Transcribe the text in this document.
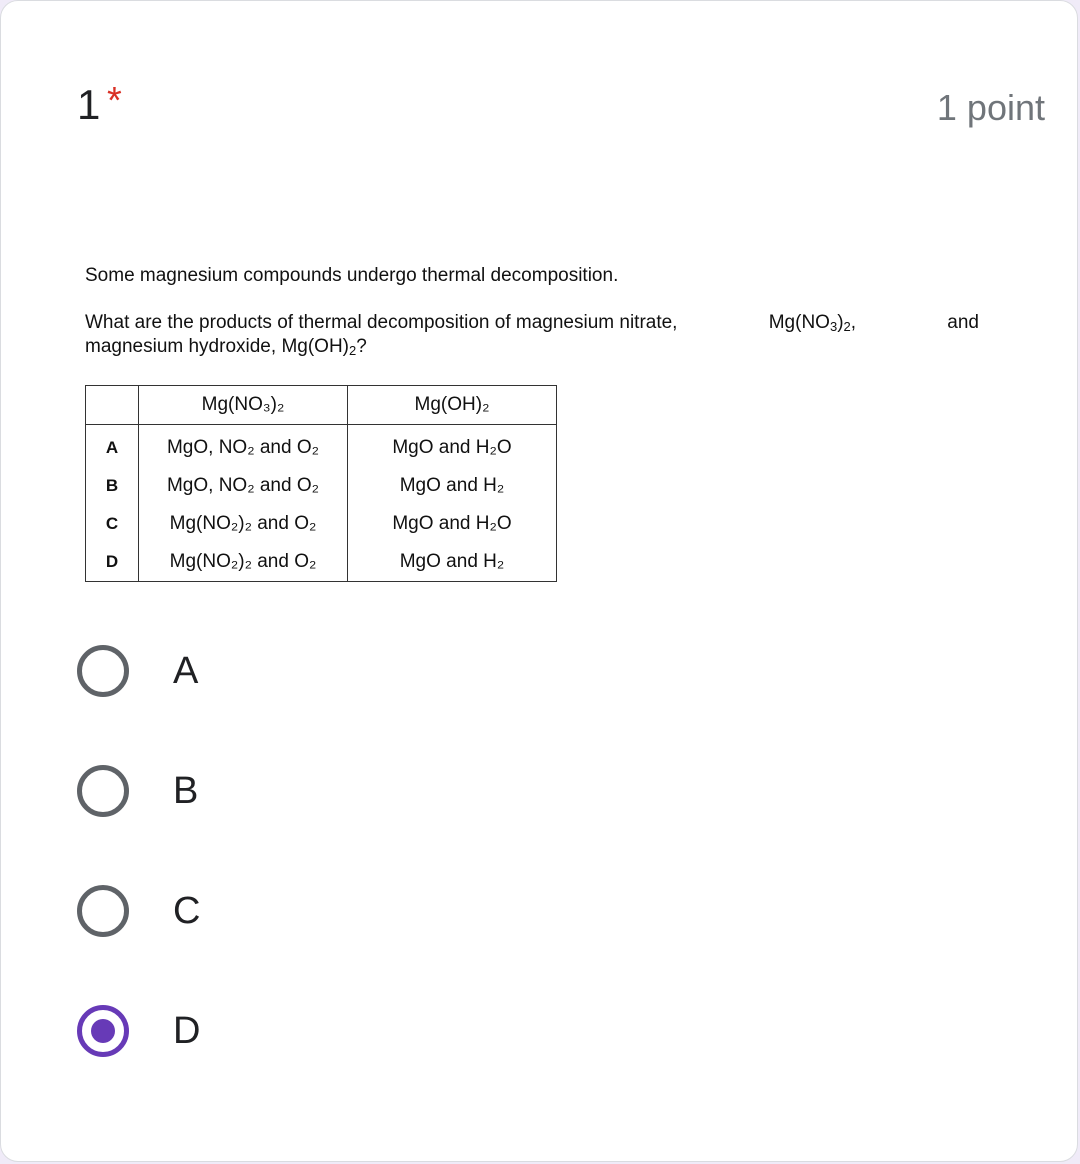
1 *	1 point

Some magnesium compounds undergo thermal decomposition.

What are the products of thermal decomposition of magnesium nitrate,	$Mg(NO_3)_2$,	and
magnesium hydroxide, $Mg(OH)_2$?
	Mg(NO₃)₂	Mg(OH)₂
A	MgO, NO₂ and O₂	MgO and H₂O
B	MgO, NO₂ and O₂	MgO and H₂
C	Mg(NO₂)₂ and O₂	MgO and H₂O
D	Mg(NO₂)₂ and O₂	MgO and H₂
A
B
C
D
